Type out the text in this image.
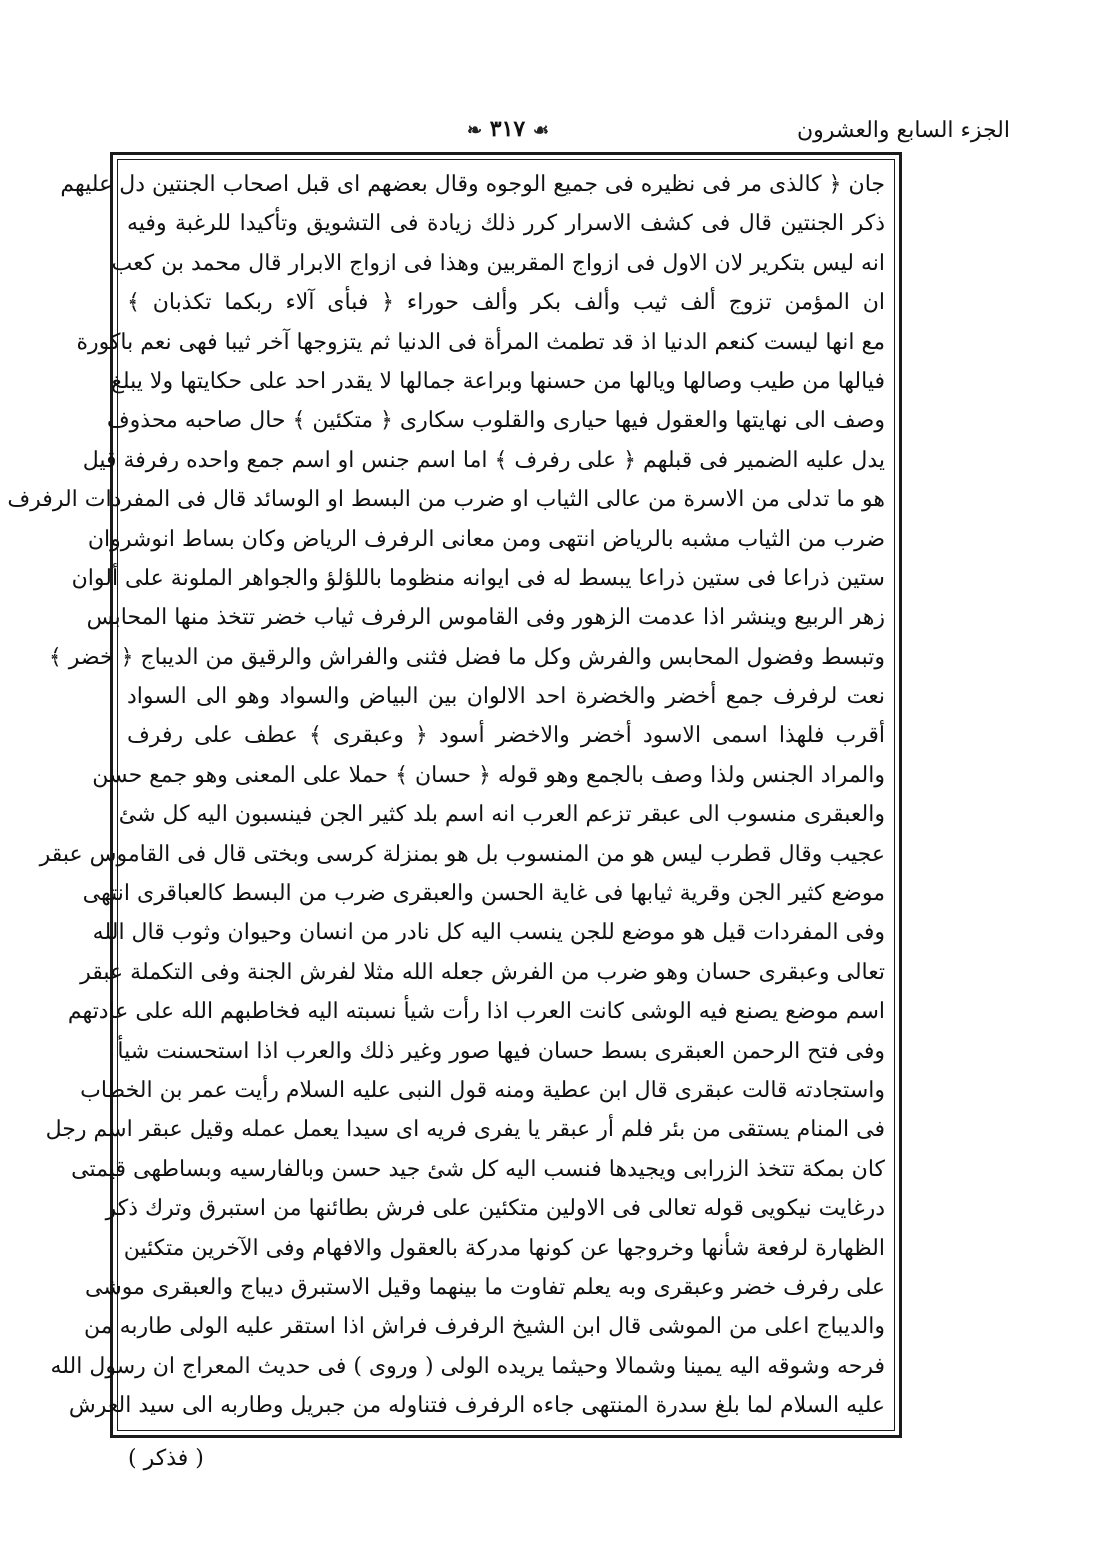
الجزء السابع والعشرون
☙ ٣١٧ ❧
جان ﴿ كالذى مر فى نظيره فى جميع الوجوه وقال بعضهم اى قبل اصحاب الجنتين دل عليهم
ذكر الجنتين قال فى كشف الاسرار كرر ذلك زيادة فى التشويق وتأكيدا للرغبة وفيه
انه ليس بتكرير لان الاول فى ازواج المقربين وهذا فى ازواج الابرار قال محمد بن كعب
ان المؤمن تزوج ألف ثيب وألف بكر وألف حوراء ﴿ فبأى آلاء ربكما تكذبان ﴾
مع انها ليست كنعم الدنيا اذ قد تطمث المرأة فى الدنيا ثم يتزوجها آخر ثيبا فهى نعم باكورة
فيالها من طيب وصالها ويالها من حسنها وبراعة جمالها لا يقدر احد على حكايتها ولا يبلغ
وصف الى نهايتها والعقول فيها حيارى والقلوب سكارى ﴿ متكئين ﴾ حال صاحبه محذوف
يدل عليه الضمير فى قبلهم ﴿ على رفرف ﴾ اما اسم جنس او اسم جمع واحده رفرفة قيل
هو ما تدلى من الاسرة من عالى الثياب او ضرب من البسط او الوسائد قال فى المفردات الرفرف
ضرب من الثياب مشبه بالرياض انتهى ومن معانى الرفرف الرياض وكان بساط انوشروان
ستين ذراعا فى ستين ذراعا يبسط له فى ايوانه منظوما باللؤلؤ والجواهر الملونة على ألوان
زهر الربيع وينشر اذا عدمت الزهور وفى القاموس الرفرف ثياب خضر تتخذ منها المحابس
وتبسط وفضول المحابس والفرش وكل ما فضل فثنى والفراش والرقيق من الديباج ﴿ خضر ﴾
نعت لرفرف جمع أخضر والخضرة احد الالوان بين البياض والسواد وهو الى السواد
أقرب فلهذا اسمى الاسود أخضر والاخضر أسود ﴿ وعبقرى ﴾ عطف على رفرف
والمراد الجنس ولذا وصف بالجمع وهو قوله ﴿ حسان ﴾ حملا على المعنى وهو جمع حسن
والعبقرى منسوب الى عبقر تزعم العرب انه اسم بلد كثير الجن فينسبون اليه كل شئ
عجيب وقال قطرب ليس هو من المنسوب بل هو بمنزلة كرسى وبختى قال فى القاموس عبقر
موضع كثير الجن وقرية ثيابها فى غاية الحسن والعبقرى ضرب من البسط كالعباقرى انتهى
وفى المفردات قيل هو موضع للجن ينسب اليه كل نادر من انسان وحيوان وثوب قال الله
تعالى وعبقرى حسان وهو ضرب من الفرش جعله الله مثلا لفرش الجنة وفى التكملة عبقر
اسم موضع يصنع فيه الوشى كانت العرب اذا رأت شيأ نسبته اليه فخاطبهم الله على عادتهم
وفى فتح الرحمن العبقرى بسط حسان فيها صور وغير ذلك والعرب اذا استحسنت شيأ
واستجادته قالت عبقرى قال ابن عطية ومنه قول النبى عليه السلام رأيت عمر بن الخطاب
فى المنام يستقى من بئر فلم أر عبقر يا يفرى فريه اى سيدا يعمل عمله وقيل عبقر اسم رجل
كان بمكة تتخذ الزرابى ويجيدها فنسب اليه كل شئ جيد حسن وبالفارسيه وبساطهى قيمتى
درغايت نيكويى قوله تعالى فى الاولين متكئين على فرش بطائنها من استبرق وترك ذكر
الظهارة لرفعة شأنها وخروجها عن كونها مدركة بالعقول والافهام وفى الآخرين متكئين
على رفرف خضر وعبقرى وبه يعلم تفاوت ما بينهما وقيل الاستبرق ديباج والعبقرى موشى
والديباج اعلى من الموشى قال ابن الشيخ الرفرف فراش اذا استقر عليه الولى طاربه من
فرحه وشوقه اليه يمينا وشمالا وحيثما يريده الولى ( وروى ) فى حديث المعراج ان رسول الله
عليه السلام لما بلغ سدرة المنتهى جاءه الرفرف فتناوله من جبريل وطاربه الى سيد العرش
( فذكر )
